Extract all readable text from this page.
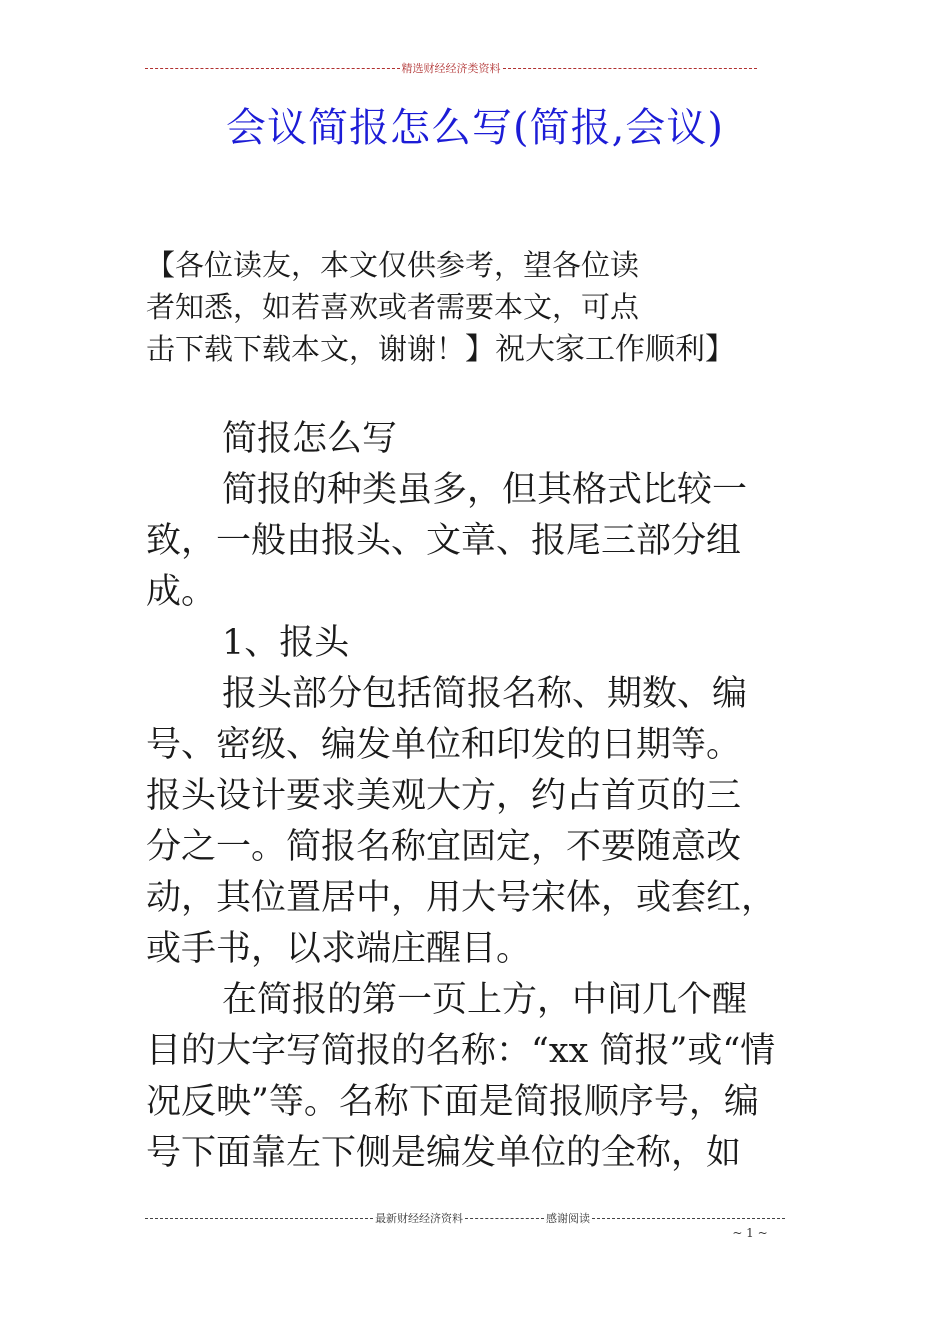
精选财经经济类资料
会议简报怎么写(简报,会议)
【各位读友，本文仅供参考，望各位读
者知悉，如若喜欢或者需要本文，可点
击下载下载本文，谢谢！】祝大家工作顺利】
简报怎么写
简报的种类虽多，但其格式比较一
致，一般由报头、文章、报尾三部分组
成。
1、报头
报头部分包括简报名称、期数、编
号、密级、编发单位和印发的日期等。
报头设计要求美观大方，约占首页的三
分之一。简报名称宜固定，不要随意改
动，其位置居中，用大号宋体，或套红，
或手书，以求端庄醒目。
在简报的第一页上方，中间几个醒
目的大字写简报的名称：“xx 简报”或“情
况反映”等。名称下面是简报顺序号，编
号下面靠左下侧是编发单位的全称，如
最新财经经济资料	感谢阅读
~ 1 ~
